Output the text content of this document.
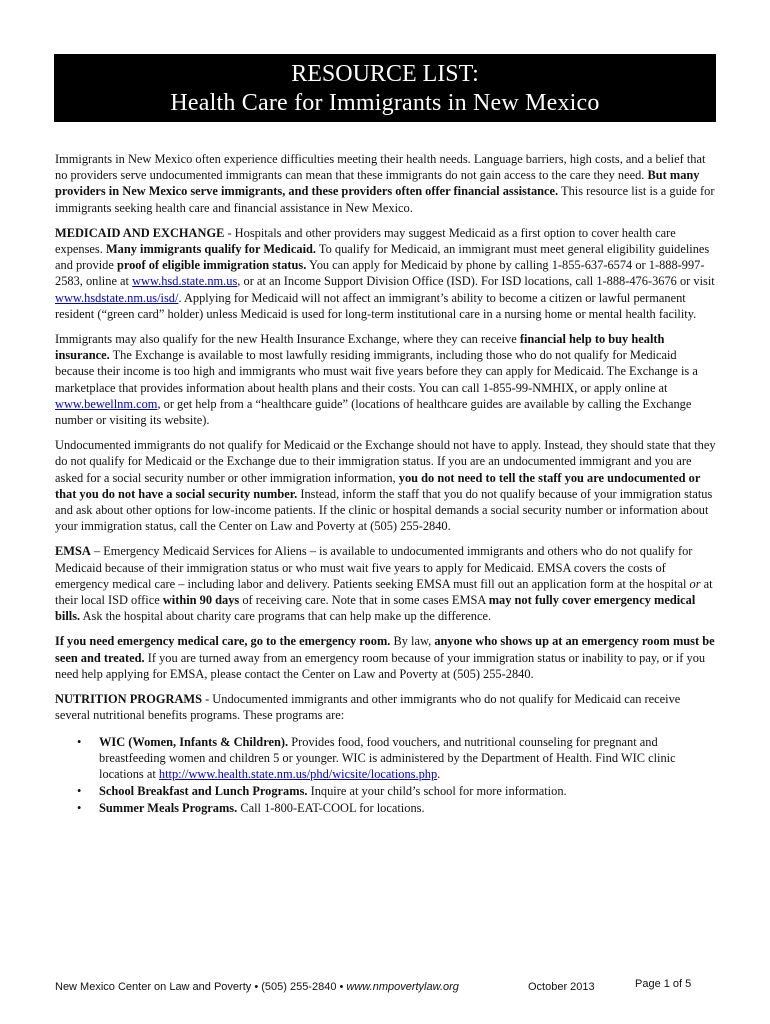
RESOURCE LIST:
Health Care for Immigrants in New Mexico

Immigrants in New Mexico often experience difficulties meeting their health needs. Language barriers, high costs, and a belief that no providers serve undocumented immigrants can mean that these immigrants do not gain access to the care they need. But many providers in New Mexico serve immigrants, and these providers often offer financial assistance. This resource list is a guide for immigrants seeking health care and financial assistance in New Mexico.

MEDICAID AND EXCHANGE - Hospitals and other providers may suggest Medicaid as a first option to cover health care expenses. Many immigrants qualify for Medicaid. To qualify for Medicaid, an immigrant must meet general eligibility guidelines and provide proof of eligible immigration status. You can apply for Medicaid by phone by calling 1-855-637-6574 or 1-888-997-2583, online at www.hsd.state.nm.us, or at an Income Support Division Office (ISD). For ISD locations, call 1-888-476-3676 or visit www.hsdstate.nm.us/isd/. Applying for Medicaid will not affect an immigrant’s ability to become a citizen or lawful permanent resident (“green card” holder) unless Medicaid is used for long-term institutional care in a nursing home or mental health facility.

Immigrants may also qualify for the new Health Insurance Exchange, where they can receive financial help to buy health insurance. The Exchange is available to most lawfully residing immigrants, including those who do not qualify for Medicaid because their income is too high and immigrants who must wait five years before they can apply for Medicaid. The Exchange is a marketplace that provides information about health plans and their costs. You can call 1-855-99-NMHIX, or apply online at www.bewellnm.com, or get help from a “healthcare guide” (locations of healthcare guides are available by calling the Exchange number or visiting its website).

Undocumented immigrants do not qualify for Medicaid or the Exchange should not have to apply. Instead, they should state that they do not qualify for Medicaid or the Exchange due to their immigration status. If you are an undocumented immigrant and you are asked for a social security number or other immigration information, you do not need to tell the staff you are undocumented or that you do not have a social security number. Instead, inform the staff that you do not qualify because of your immigration status and ask about other options for low-income patients. If the clinic or hospital demands a social security number or information about your immigration status, call the Center on Law and Poverty at (505) 255-2840.

EMSA – Emergency Medicaid Services for Aliens – is available to undocumented immigrants and others who do not qualify for Medicaid because of their immigration status or who must wait five years to apply for Medicaid. EMSA covers the costs of emergency medical care – including labor and delivery. Patients seeking EMSA must fill out an application form at the hospital or at their local ISD office within 90 days of receiving care. Note that in some cases EMSA may not fully cover emergency medical bills. Ask the hospital about charity care programs that can help make up the difference.

If you need emergency medical care, go to the emergency room. By law, anyone who shows up at an emergency room must be seen and treated. If you are turned away from an emergency room because of your immigration status or inability to pay, or if you need help applying for EMSA, please contact the Center on Law and Poverty at (505) 255-2840.

NUTRITION PROGRAMS - Undocumented immigrants and other immigrants who do not qualify for Medicaid can receive several nutritional benefits programs. These programs are:

• WIC (Women, Infants & Children). Provides food, food vouchers, and nutritional counseling for pregnant and breastfeeding women and children 5 or younger. WIC is administered by the Department of Health. Find WIC clinic locations at http://www.health.state.nm.us/phd/wicsite/locations.php.
• School Breakfast and Lunch Programs. Inquire at your child’s school for more information.
• Summer Meals Programs. Call 1-800-EAT-COOL for locations.
New Mexico Center on Law and Poverty • (505) 255-2840 • www.nmpovertylaw.org	October 2013	Page 1 of 5
